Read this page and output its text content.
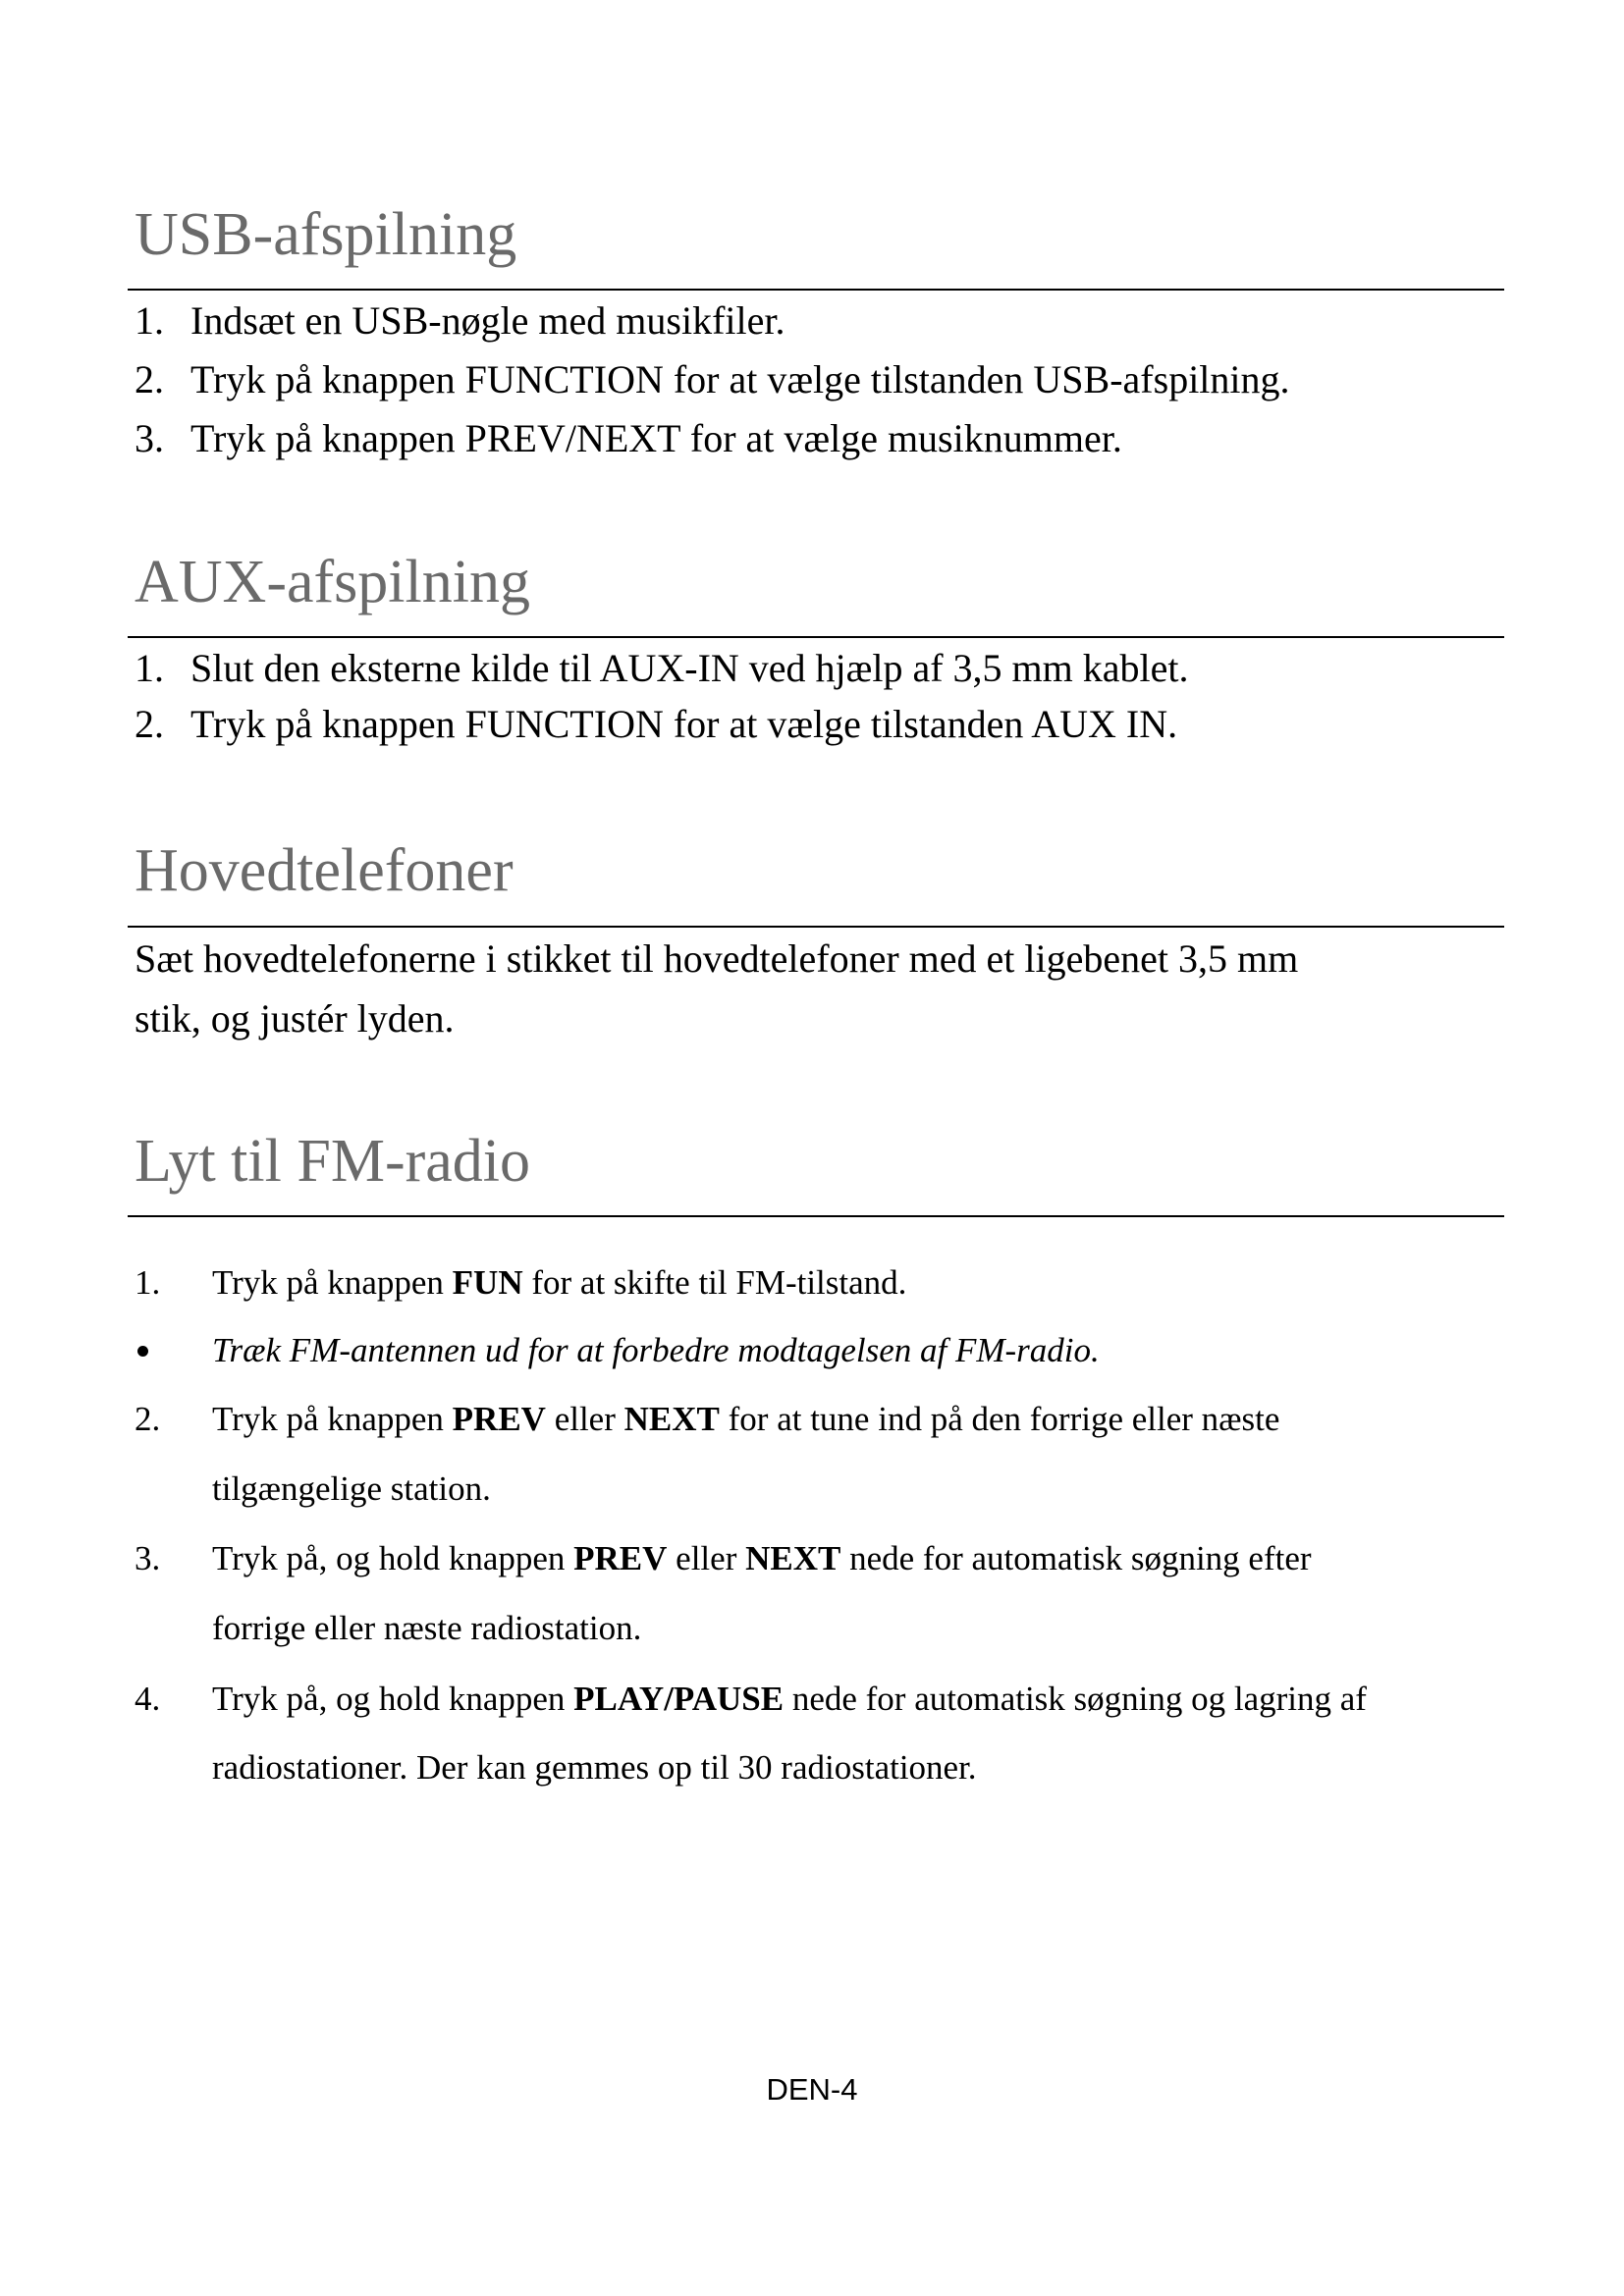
USB-afspilning
1. Indsæt en USB-nøgle med musikfiler.
2. Tryk på knappen FUNCTION for at vælge tilstanden USB-afspilning.
3. Tryk på knappen PREV/NEXT for at vælge musiknummer.
AUX-afspilning
1. Slut den eksterne kilde til AUX-IN ved hjælp af 3,5 mm kablet.
2. Tryk på knappen FUNCTION for at vælge tilstanden AUX IN.
Hovedtelefoner
Sæt hovedtelefonerne i stikket til hovedtelefoner med et ligebenet 3,5 mm
stik, og justér lyden.
Lyt til FM-radio
1. Tryk på knappen FUN for at skifte til FM-tilstand.
Træk FM-antennen ud for at forbedre modtagelsen af FM-radio.
2. Tryk på knappen PREV eller NEXT for at tune ind på den forrige eller næste
tilgængelige station.
3. Tryk på, og hold knappen PREV eller NEXT nede for automatisk søgning efter
forrige eller næste radiostation.
4. Tryk på, og hold knappen PLAY/PAUSE nede for automatisk søgning og lagring af
radiostationer. Der kan gemmes op til 30 radiostationer.
DEN-4
